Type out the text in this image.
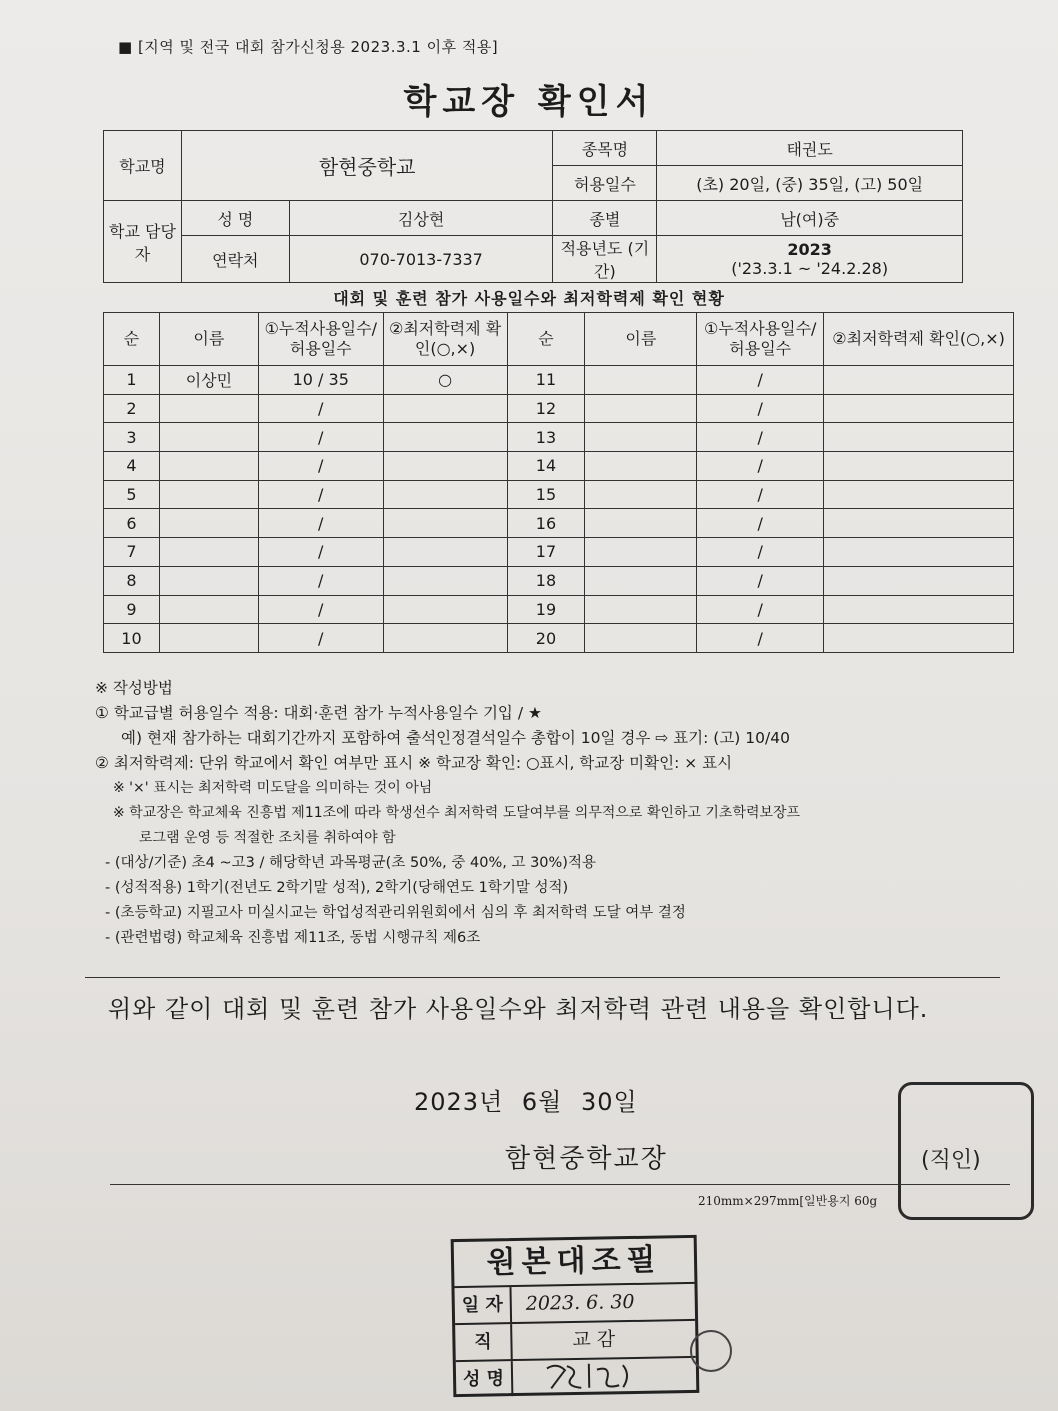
■ [지역 및 전국 대회 참가신청용 2023.3.1 이후 적용]
학교장 확인서
학교명	함현중학교		종목명	태권도
			허용일수	(초) 20일, (중) 35일, (고) 50일
학교 담당자	성 명	김상현	종별	남(여)중
	연락처	070-7013-7337	적용년도 (기간)	2023
('23.3.1 ~ '24.2.28)
대회 및 훈련 참가 사용일수와 최저학력제 확인 현황
순	이름	①누적사용일수/ 허용일수	②최저학력제 확인(○,×)	순	이름	①누적사용일수/ 허용일수	②최저학력제 확인(○,×)
1	이상민	10 / 35	○	11		/	
2		/		12		/	
3		/		13		/	
4		/		14		/	
5		/		15		/	
6		/		16		/	
7		/		17		/	
8		/		18		/	
9		/		19		/	
10		/		20		/	
※ 작성방법
① 학교급별 허용일수 적용: 대회·훈련 참가 누적사용일수 기입 / ★
예) 현재 참가하는 대회기간까지 포함하여 출석인정결석일수 총합이 10일 경우 ⇨ 표기: (고) 10/40
② 최저학력제: 단위 학교에서 확인 여부만 표시 ※ 학교장 확인: ○표시, 학교장 미확인: × 표시
※ '×' 표시는 최저학력 미도달을 의미하는 것이 아님
※ 학교장은 학교체육 진흥법 제11조에 따라 학생선수 최저학력 도달여부를 의무적으로 확인하고 기초학력보장프
로그램 운영 등 적절한 조치를 취하여야 함
- (대상/기준) 초4 ~고3 / 해당학년 과목평균(초 50%, 중 40%, 고 30%)적용
- (성적적용) 1학기(전년도 2학기말 성적), 2학기(당해연도 1학기말 성적)
- (초등학교) 지필고사 미실시교는 학업성적관리위원회에서 심의 후 최저학력 도달 여부 결정
- (관련법령) 학교체육 진흥법 제11조, 동법 시행규칙 제6조
위와 같이 대회 및 훈련 참가 사용일수와 최저학력 관련 내용을 확인합니다.
2023년 6월 30일
함현중학교장	(직인)
210mm×297mm[일반용지 60g
원본대조필
일 자	2023. 6. 30
직	교 감
성 명
